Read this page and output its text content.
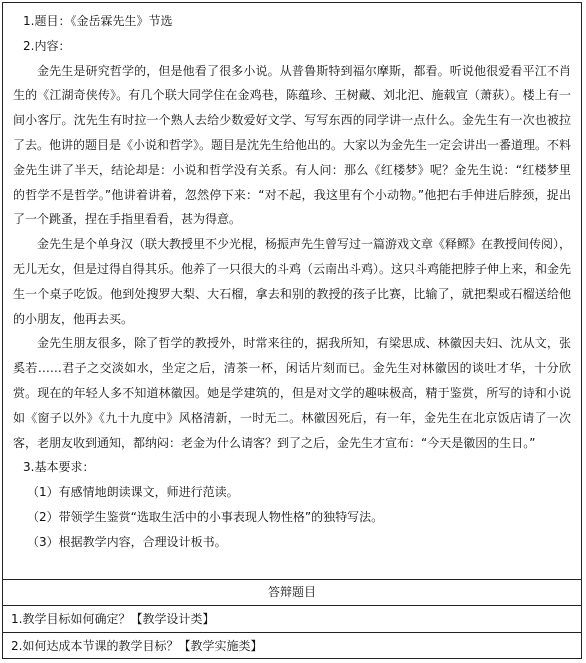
1.题目：《金岳霖先生》节选
2.内容：

金先生是研究哲学的，但是他看了很多小说。从普鲁斯特到福尔摩斯，都看。听说他很爱看平江不肖生的《江湖奇侠传》。有几个联大同学住在金鸡巷，陈蕴珍、王树藏、刘北汜、施载宣（萧荻）。楼上有一间小客厅。沈先生有时拉一个熟人去给少数爱好文学、写写东西的同学讲一点什么。金先生有一次也被拉了去。他讲的题目是《小说和哲学》。题目是沈先生给他出的。大家以为金先生一定会讲出一番道理。不料金先生讲了半天，结论却是：小说和哲学没有关系。有人问：那么《红楼梦》呢？金先生说：“红楼梦里的哲学不是哲学。”他讲着讲着，忽然停下来：“对不起，我这里有个小动物。”他把右手伸进后脖颈，捉出了一个跳蚤，捏在手指里看看，甚为得意。

金先生是个单身汉（联大教授里不少光棍，杨振声先生曾写过一篇游戏文章《释鳏》在教授间传阅），无儿无女，但是过得自得其乐。他养了一只很大的斗鸡（云南出斗鸡）。这只斗鸡能把脖子伸上来，和金先生一个桌子吃饭。他到处搜罗大梨、大石榴，拿去和别的教授的孩子比赛，比输了，就把梨或石榴送给他的小朋友，他再去买。

金先生朋友很多，除了哲学的教授外，时常来往的，据我所知，有梁思成、林徽因夫妇、沈从文，张奚若……君子之交淡如水，坐定之后，清茶一杯，闲话片刻而已。金先生对林徽因的谈吐才华，十分欣赏。现在的年轻人多不知道林徽因。她是学建筑的，但是对文学的趣味极高，精于鉴赏，所写的诗和小说如《窗子以外》《九十九度中》风格清新，一时无二。林徽因死后，有一年，金先生在北京饭店请了一次客，老朋友收到通知，都纳闷：老金为什么请客？到了之后，金先生才宣布：“今天是徽因的生日。”

3.基本要求：
（1）有感情地朗读课文，师进行范读。
（2）带领学生鉴赏“选取生活中的小事表现人物性格”的独特写法。
（3）根据教学内容，合理设计板书。
答辩题目
1.教学目标如何确定？【教学设计类】
2.如何达成本节课的教学目标？【教学实施类】
